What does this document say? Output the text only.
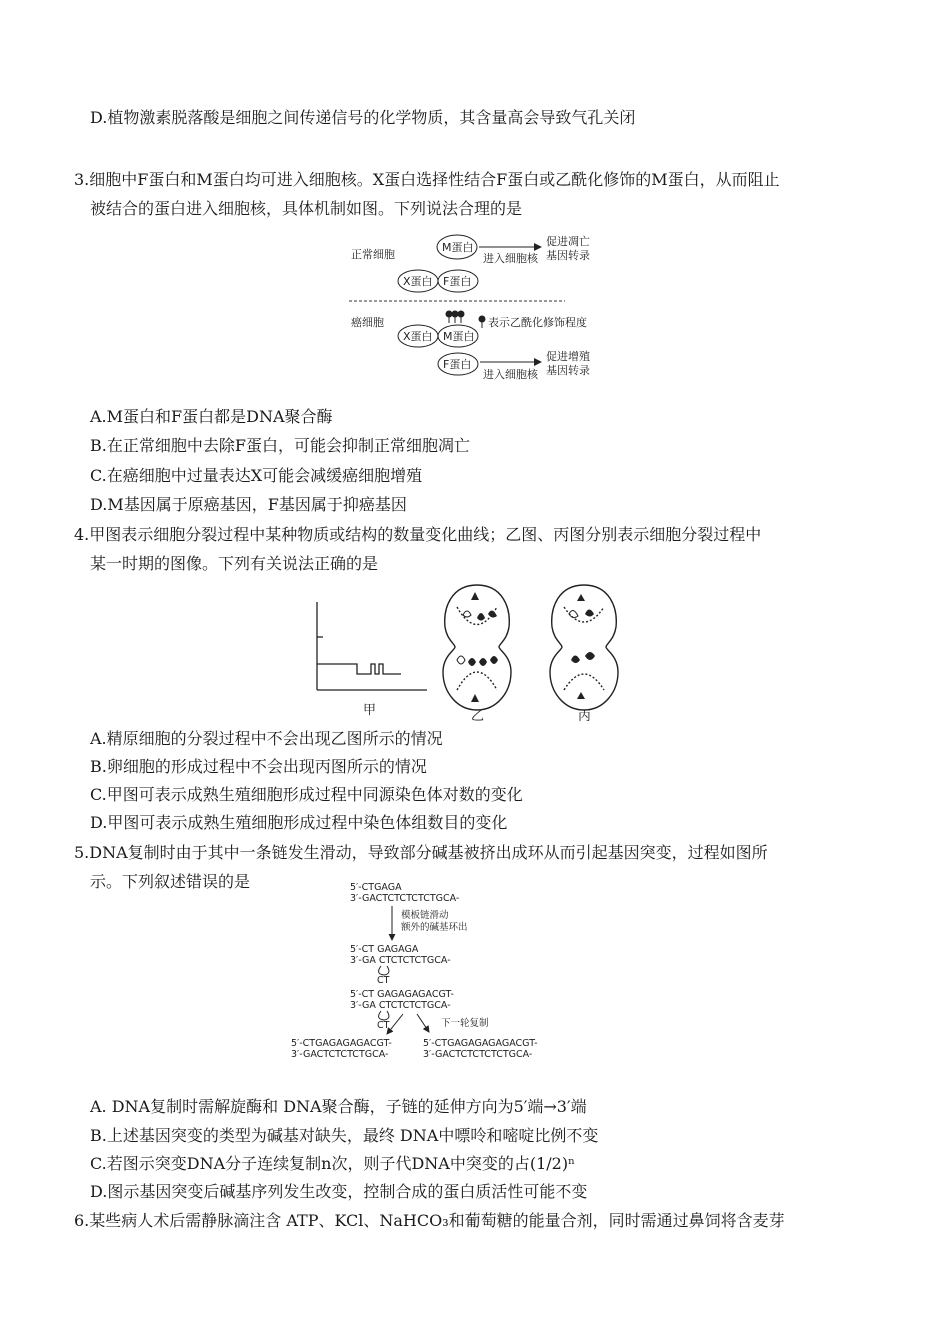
D.植物激素脱落酸是细胞之间传递信号的化学物质，其含量高会导致气孔关闭
3.细胞中F蛋白和M蛋白均可进入细胞核。X蛋白选择性结合F蛋白或乙酰化修饰的M蛋白，从而阻止
被结合的蛋白进入细胞核，具体机制如图。下列说法合理的是
正常细胞
M蛋白
进入细胞核
促进凋亡
基因转录
X蛋白 F蛋白
癌细胞	表示乙酰化修饰程度
X蛋白 M蛋白
F蛋白
进入细胞核
促进增殖
基因转录
A.M蛋白和F蛋白都是DNA聚合酶
B.在正常细胞中去除F蛋白，可能会抑制正常细胞凋亡
C.在癌细胞中过量表达X可能会减缓癌细胞增殖
D.M基因属于原癌基因，F基因属于抑癌基因
4.甲图表示细胞分裂过程中某种物质或结构的数量变化曲线；乙图、丙图分别表示细胞分裂过程中
某一时期的图像。下列有关说法正确的是
甲	乙	丙
A.精原细胞的分裂过程中不会出现乙图所示的情况
B.卵细胞的形成过程中不会出现丙图所示的情况
C.甲图可表示成熟生殖细胞形成过程中同源染色体对数的变化
D.甲图可表示成熟生殖细胞形成过程中染色体组数目的变化
5.DNA复制时由于其中一条链发生滑动，导致部分碱基被挤出成环从而引起基因突变，过程如图所
示。下列叙述错误的是	5′-CTGAGA
3′-GACTCTCTCTCTGCA-
模板链滑动
额外的碱基环出
5′-CT GAGAGA
3′-GA CTCTCTCTGCA-
CT
5′-CT GAGAGAGACGT-
3′-GA CTCTCTCTGCA-
CT	下一轮复制
5′-CTGAGAGAGACGT-
3′-GACTCTCTCTGCA-
5′-CTGAGAGAGAGACGT-
3′-GACTCTCTCTCTGCA-
A. DNA复制时需解旋酶和 DNA聚合酶，子链的延伸方向为5′端→3′端
B.上述基因突变的类型为碱基对缺失，最终 DNA中嘌呤和嘧啶比例不变
C.若图示突变DNA分子连续复制n次，则子代DNA中突变的占(1/2)ⁿ
D.图示基因突变后碱基序列发生改变，控制合成的蛋白质活性可能不变
6.某些病人术后需静脉滴注含 ATP、KCl、NaHCO₃和葡萄糖的能量合剂，同时需通过鼻饲将含麦芽
